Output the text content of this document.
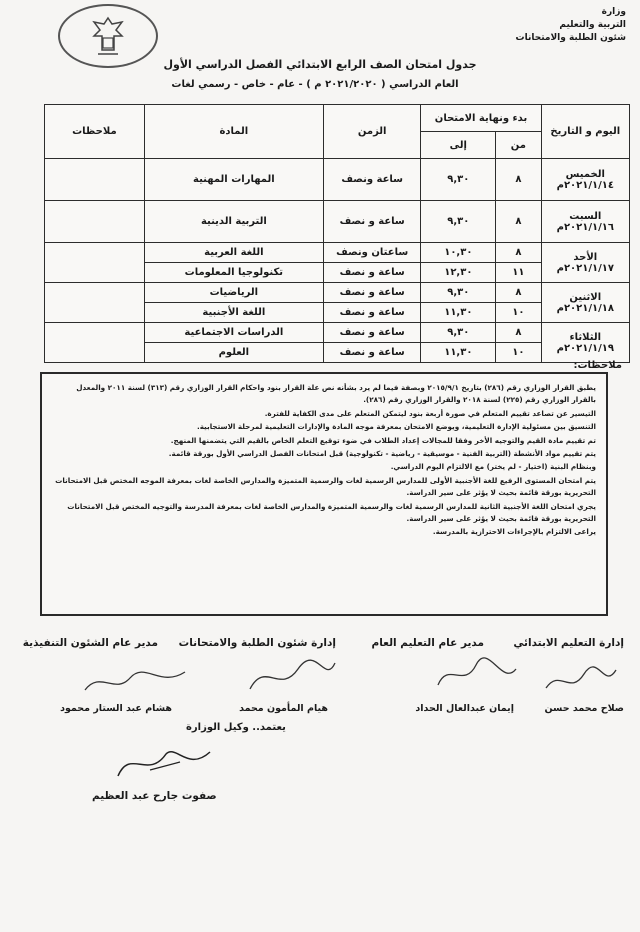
وزارة
التربية والتعليم
شئون الطلبة والامتحانات
جدول امتحان الصف الرابع الابتدائي الفصل الدراسي الأول
العام الدراسي ( ٢٠٢١/٢٠٢٠ م ) - عام - خاص - رسمي لغات
اليوم و التاريخ	بدء ونهاية الامتحان		الزمن	المادة	ملاحظات
	من	إلى			

الخميس
٢٠٢١/١/١٤م	٨	٩,٣٠	ساعة ونصف	المهارات المهنية	

السبت
٢٠٢١/١/١٦م	٨	٩,٣٠	ساعة و نصف	التربية الدينية	

الأحد
٢٠٢١/١/١٧م	٨	١٠,٣٠	ساعتان ونصف	اللغة العربية	
	١١	١٢,٣٠	ساعة و نصف	تكنولوجيا المعلومات	

الاثنين
٢٠٢١/١/١٨م	٨	٩,٣٠	ساعة و نصف	الرياضيات	
	١٠	١١,٣٠	ساعة و نصف	اللغة الأجنبية	

الثلاثاء
٢٠٢١/١/١٩م	٨	٩,٣٠	ساعة و نصف	الدراسات الاجتماعية	
	١٠	١١,٣٠	ساعة و نصف	العلوم	
ملاحظات:

يطبق القرار الوزاري رقم (٢٨٦) بتاريخ ٢٠١٥/٩/١ وبصفة فيما لم يرد بشأنه نص علة القرار بنود واحكام القرار الوزاري رقم (٣١٣) لسنة ٢٠١١ والمعدل بالقرار الوزاري رقم (٢٢٥) لسنة ٢٠١٨ والقرار الوزاري رقم (٢٨٦).

التيسير عن تصاعد تقييم المتعلم في صورة أربعة بنود ليتمكن المتعلم على مدى الكفاية للفترة.

التنسيق بين مسئولية الإدارة التعليمية، ويوضع الامتحان بمعرفة موجه المادة والإدارات التعليمية لمرحلة الاستجابية.

تم تقييم مادة القيم والتوجيه الأخر وفقا للمجالات إعداد الطلاب في ضوء توقيع التعلم الخاص بالقيم التي يتضمنها المنهج.

يتم تقييم مواد الأنشطة (التربية الفنية - موسيقية - رياضية - تكنولوجية) قبل امتحانات الفصل الدراسي الأول بورقة قائمة.

وبنظام البنية (اختيار - لم يختر) مع الالتزام اليوم الدراسي.

يتم امتحان المستوى الرفيع للغة الأجنبية الأولى للمدارس الرسمية لغات والرسمية المتميزة والمدارس الخاصة لغات بمعرفة الموجه المختص قبل الامتحانات التحريرية بورقة قائمة بحيث لا يؤثر على سير الدراسة.

يجري امتحان اللغة الأجنبية الثانية للمدارس الرسمية لغات والرسمية المتميزة والمدارس الخاصة لغات بمعرفة المدرسة والتوجيه المختص قبل الامتحانات التحريرية بورقة قائمة بحيث لا يؤثر على سير الدراسة.

يراعى الالتزام بالإجراءات الاحترازية بالمدرسة.

إدارة التعليم الابتدائي
مدير عام التعليم العام
إدارة شئون الطلبة والامتحانات
مدير عام الشئون التنفيذية
صلاح محمد حسن
إيمان عبدالعال الحداد
هيام المأمون محمد
هشام عبد الستار محمود
يعتمد.. وكيل الوزارة
صفوت جارح عبد العظيم
